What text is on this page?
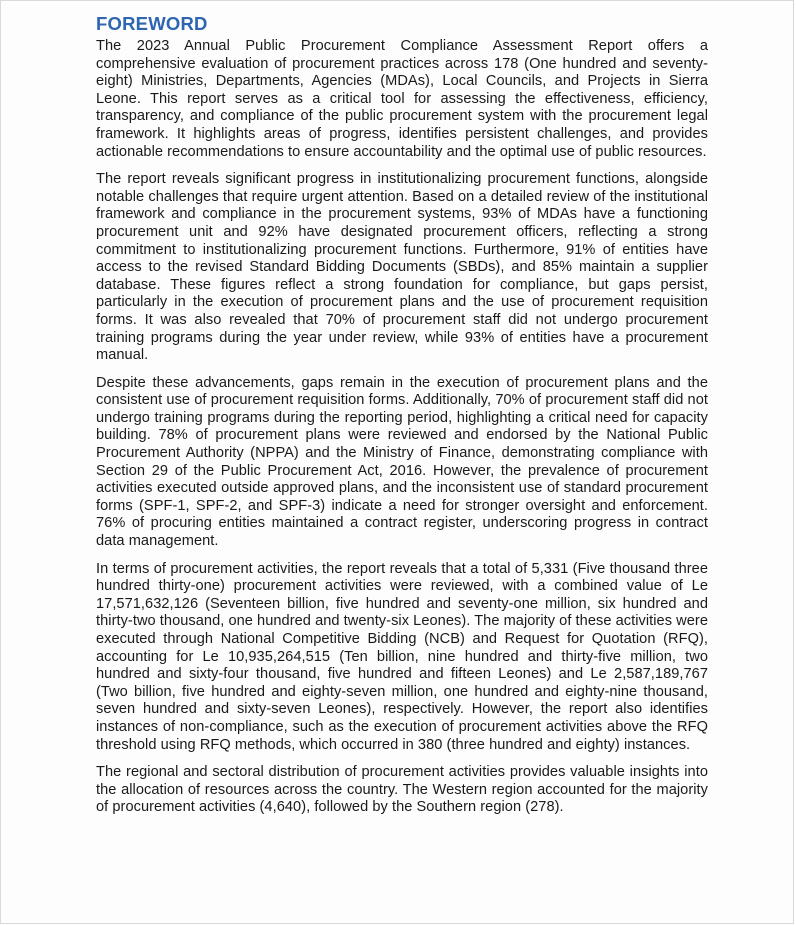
FOREWORD

The 2023 Annual Public Procurement Compliance Assessment Report offers a comprehensive evaluation of procurement practices across 178 (One hundred and seventy-eight) Ministries, Departments, Agencies (MDAs), Local Councils, and Projects in Sierra Leone. This report serves as a critical tool for assessing the effectiveness, efficiency, transparency, and compliance of the public procurement system with the procurement legal framework. It highlights areas of progress, identifies persistent challenges, and provides actionable recommendations to ensure accountability and the optimal use of public resources.

The report reveals significant progress in institutionalizing procurement functions, alongside notable challenges that require urgent attention. Based on a detailed review of the institutional framework and compliance in the procurement systems, 93% of MDAs have a functioning procurement unit and 92% have designated procurement officers, reflecting a strong commitment to institutionalizing procurement functions. Furthermore, 91% of entities have access to the revised Standard Bidding Documents (SBDs), and 85% maintain a supplier database. These figures reflect a strong foundation for compliance, but gaps persist, particularly in the execution of procurement plans and the use of procurement requisition forms. It was also revealed that 70% of procurement staff did not undergo procurement training programs during the year under review, while 93% of entities have a procurement manual.

Despite these advancements, gaps remain in the execution of procurement plans and the consistent use of procurement requisition forms. Additionally, 70% of procurement staff did not undergo training programs during the reporting period, highlighting a critical need for capacity building. 78% of procurement plans were reviewed and endorsed by the National Public Procurement Authority (NPPA) and the Ministry of Finance, demonstrating compliance with Section 29 of the Public Procurement Act, 2016. However, the prevalence of procurement activities executed outside approved plans, and the inconsistent use of standard procurement forms (SPF-1, SPF-2, and SPF-3) indicate a need for stronger oversight and enforcement. 76% of procuring entities maintained a contract register, underscoring progress in contract data management.

In terms of procurement activities, the report reveals that a total of 5,331 (Five thousand three hundred thirty-one) procurement activities were reviewed, with a combined value of Le 17,571,632,126 (Seventeen billion, five hundred and seventy-one million, six hundred and thirty-two thousand, one hundred and twenty-six Leones). The majority of these activities were executed through National Competitive Bidding (NCB) and Request for Quotation (RFQ), accounting for Le 10,935,264,515 (Ten billion, nine hundred and thirty-five million, two hundred and sixty-four thousand, five hundred and fifteen Leones) and Le 2,587,189,767 (Two billion, five hundred and eighty-seven million, one hundred and eighty-nine thousand, seven hundred and sixty-seven Leones), respectively. However, the report also identifies instances of non-compliance, such as the execution of procurement activities above the RFQ threshold using RFQ methods, which occurred in 380 (three hundred and eighty) instances.

The regional and sectoral distribution of procurement activities provides valuable insights into the allocation of resources across the country. The Western region accounted for the majority of procurement activities (4,640), followed by the Southern region (278).
